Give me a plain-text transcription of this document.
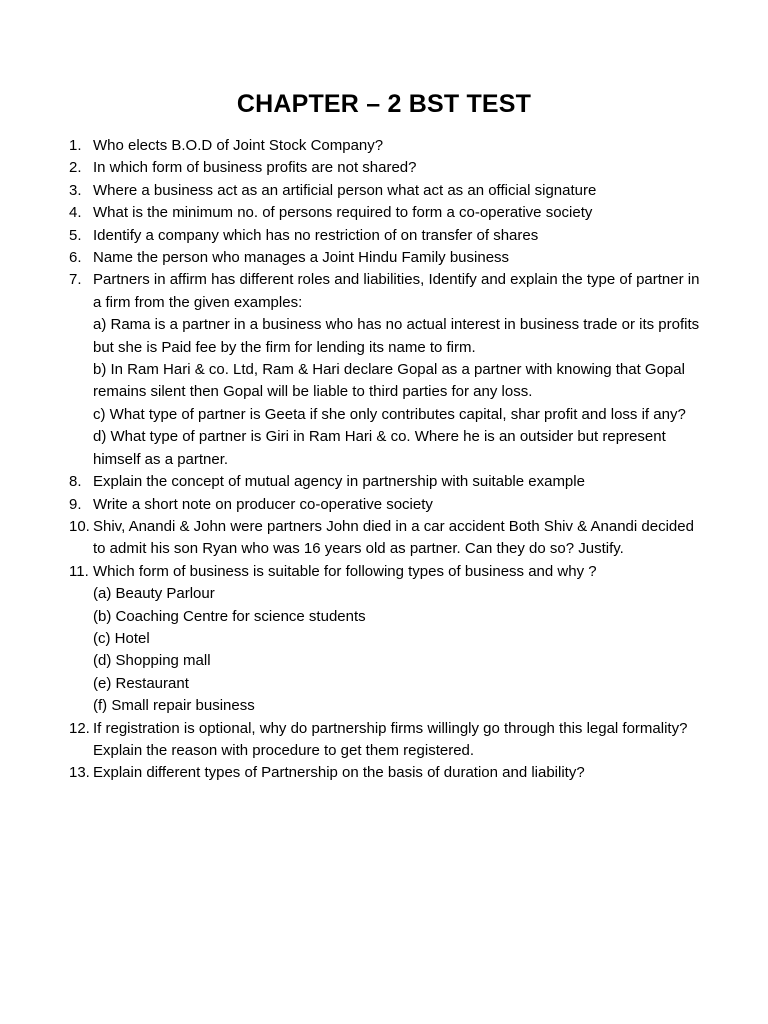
CHAPTER – 2 BST TEST
1. Who elects B.O.D of Joint Stock Company?
2. In which form of business profits are not shared?
3. Where a business act as an artificial person what act as an official signature
4. What is the minimum no. of persons required to form a co-operative society
5. Identify a company which has no restriction of on transfer of shares
6. Name the person who manages a Joint Hindu Family business
7. Partners in affirm has different roles and liabilities, Identify and explain the type of partner in a firm from the given examples:
a) Rama is a partner in a business who has no actual interest in business trade or its profits but she is Paid fee by the firm for lending its name to firm.
b) In Ram Hari & co. Ltd, Ram & Hari declare Gopal as a partner with knowing that Gopal remains silent then Gopal will be liable to third parties for any loss.
c) What type of partner is Geeta if she only contributes capital, shar profit and loss if any?
d) What type of partner is Giri in Ram Hari & co. Where he is an outsider but represent himself as a partner.
8. Explain the concept of mutual agency in partnership with suitable example
9. Write a short note on producer co-operative society
10. Shiv, Anandi & John were partners John died in a car accident Both Shiv & Anandi decided to admit his son Ryan who was 16 years old as partner. Can they do so? Justify.
11. Which form of business is suitable for following types of business and why ?
(a) Beauty Parlour
(b) Coaching Centre for science students
(c) Hotel
(d) Shopping mall
(e) Restaurant
(f) Small repair business
12. If registration is optional, why do partnership firms willingly go through this legal formality? Explain the reason with procedure to get them registered.
13. Explain different types of Partnership on the basis of duration and liability?
